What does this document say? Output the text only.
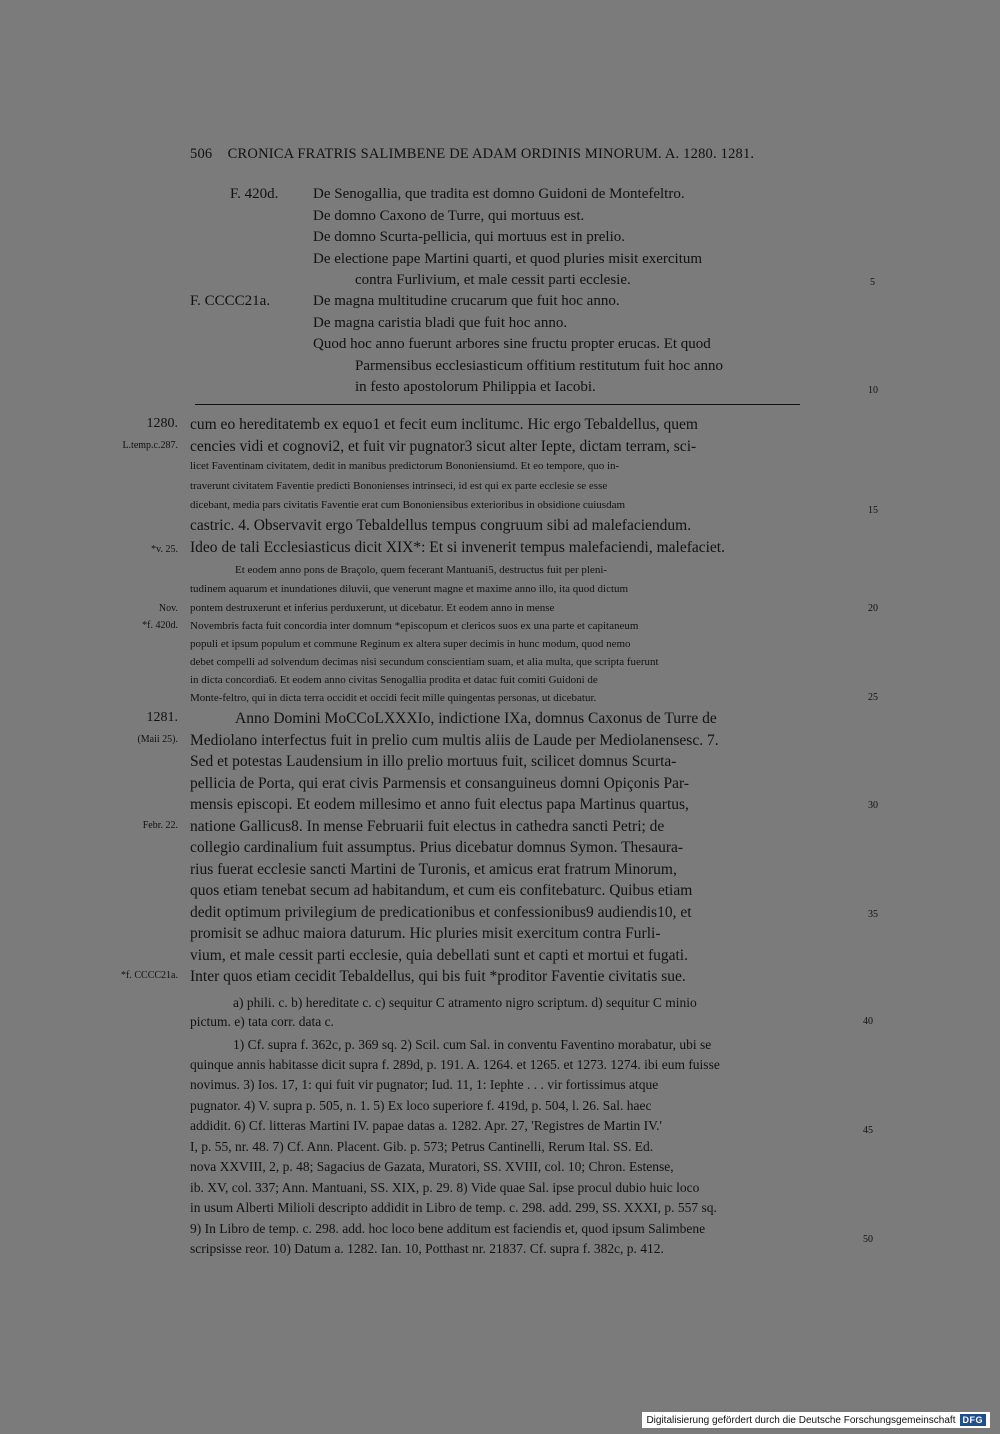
506 CRONICA FRATRIS SALIMBENE DE ADAM ORDINIS MINORUM. A. 1280. 1281.
F. 420d. De Senogallia, que tradita est domno Guidoni de Montefeltro.
De domno Caxono de Turre, qui mortuus est.
De domno Scurta-pellicia, qui mortuus est in prelio.
De electione pape Martini quarti, et quod pluries misit exercitum
contra Furlivium, et male cessit parti ecclesie.	5
F. CCCC21a.	De magna multitudine crucarum que fuit hoc anno.
De magna caristia bladi que fuit hoc anno.
Quod hoc anno fuerunt arbores sine fructu propter erucas. Et quod
Parmensibus ecclesiasticum offitium restitutum fuit hoc anno
in festo apostolorum Philippia et Iacobi.	10
1280.
L.temp.c.287.
*v. 25.
Nov.
*f. 420d.
1281.
(Maii 25).
Febr. 22.
*f. CCCC21a.
15
20
25
30
35
40
45
50
cum eo hereditatemb ex equo1 et fecit eum inclitumc. Hic ergo Tebaldellus, quem
cencies vidi et cognovi2, et fuit vir pugnator3 sicut alter Iepte, dictam terram, sci-
licet Faventinam civitatem, dedit in manibus predictorum Bononiensiumd. Et eo tempore, quo in-
traverunt civitatem Faventie predicti Bononienses intrinseci, id est qui ex parte ecclesie se esse
dicebant, media pars civitatis Faventie erat cum Bononiensibus exterioribus in obsidione cuiusdam
castric. 4. Observavit ergo Tebaldellus tempus congruum sibi ad malefaciendum.
Ideo de tali Ecclesiasticus dicit XIX*: Et si invenerit tempus malefaciendi, malefaciet.
Et eodem anno pons de Braçolo, quem fecerant Mantuani5, destructus fuit per pleni-
tudinem aquarum et inundationes diluvii, que venerunt magne et maxime anno illo, ita quod dictum
pontem destruxerunt et inferius perduxerunt, ut dicebatur. Et eodem anno in mense
Novembris facta fuit concordia inter domnum *episcopum et clericos suos ex una parte et capitaneum
populi et ipsum populum et commune Reginum ex altera super decimis in hunc modum, quod nemo
debet compelli ad solvendum decimas nisi secundum conscientiam suam, et alia multa, que scripta fuerunt
in dicta concordia6. Et eodem anno civitas Senogallia prodita et datac fuit comiti Guidoni de
Monte-feltro, qui in dicta terra occidit et occidi fecit mille quingentas personas, ut dicebatur.
Anno Domini MoCCoLXXXIo, indictione IXa, domnus Caxonus de Turre de
Mediolano interfectus fuit in prelio cum multis aliis de Laude per Mediolanensesc. 7.
Sed et potestas Laudensium in illo prelio mortuus fuit, scilicet domnus Scurta-
pellicia de Porta, qui erat civis Parmensis et consanguineus domni Opiçonis Par-
mensis episcopi. Et eodem millesimo et anno fuit electus papa Martinus quartus,
natione Gallicus8. In mense Februarii fuit electus in cathedra sancti Petri; de
collegio cardinalium fuit assumptus. Prius dicebatur domnus Symon. Thesaura-
rius fuerat ecclesie sancti Martini de Turonis, et amicus erat fratrum Minorum,
quos etiam tenebat secum ad habitandum, et cum eis confitebaturc. Quibus etiam
dedit optimum privilegium de predicationibus et confessionibus9 audiendis10, et
promisit se adhuc maiora daturum. Hic pluries misit exercitum contra Furli-
vium, et male cessit parti ecclesie, quia debellati sunt et capti et mortui et fugati.
Inter quos etiam cecidit Tebaldellus, qui bis fuit *proditor Faventie civitatis sue.
a) phili. c. b) hereditate c. c) sequitur C atramento nigro scriptum. d) sequitur C minio
pictum. e) tata corr. data c.
1) Cf. supra f. 362c, p. 369 sq. 2) Scil. cum Sal. in conventu Faventino morabatur, ubi se
quinque annis habitasse dicit supra f. 289d, p. 191. A. 1264. et 1265. et 1273. 1274. ibi eum fuisse
novimus. 3) Ios. 17, 1: qui fuit vir pugnator; Iud. 11, 1: Iephte . . . vir fortissimus atque
pugnator. 4) V. supra p. 505, n. 1. 5) Ex loco superiore f. 419d, p. 504, l. 26. Sal. haec
addidit. 6) Cf. litteras Martini IV. papae datas a. 1282. Apr. 27, 'Registres de Martin IV.'
I, p. 55, nr. 48. 7) Cf. Ann. Placent. Gib. p. 573; Petrus Cantinelli, Rerum Ital. SS. Ed.
nova XXVIII, 2, p. 48; Sagacius de Gazata, Muratori, SS. XVIII, col. 10; Chron. Estense,
ib. XV, col. 337; Ann. Mantuani, SS. XIX, p. 29. 8) Vide quae Sal. ipse procul dubio huic loco
in usum Alberti Milioli descripto addidit in Libro de temp. c. 298. add. 299, SS. XXXI, p. 557 sq.
9) In Libro de temp. c. 298. add. hoc loco bene additum est faciendis et, quod ipsum Salimbene
scripsisse reor. 10) Datum a. 1282. Ian. 10, Potthast nr. 21837. Cf. supra f. 382c, p. 412.
Digitalisierung gefördert durch die Deutsche Forschungsgemeinschaft DFG
